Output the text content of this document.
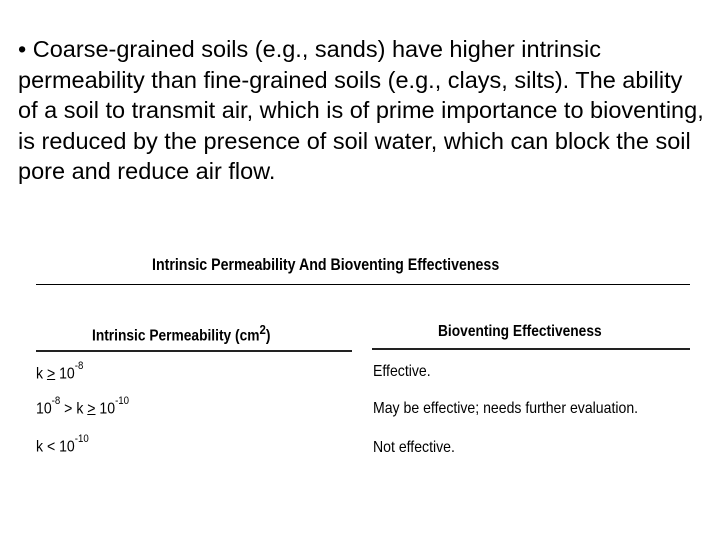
• Coarse-grained soils (e.g., sands) have higher intrinsic permeability than fine-grained soils (e.g., clays, silts). The ability of a soil to transmit air, which is of prime importance to bioventing, is reduced by the presence of soil water, which can block the soil pore and reduce air flow.

Intrinsic Permeability And Bioventing Effectiveness
Intrinsic Permeability $(cm^2)$	Bioventing Effectiveness
$k > 10^{-8}$	Effective.
$10^{-8} > k > 10^{-10}$	May be effective; needs further evaluation.
$k < 10^{-10}$	Not effective.
